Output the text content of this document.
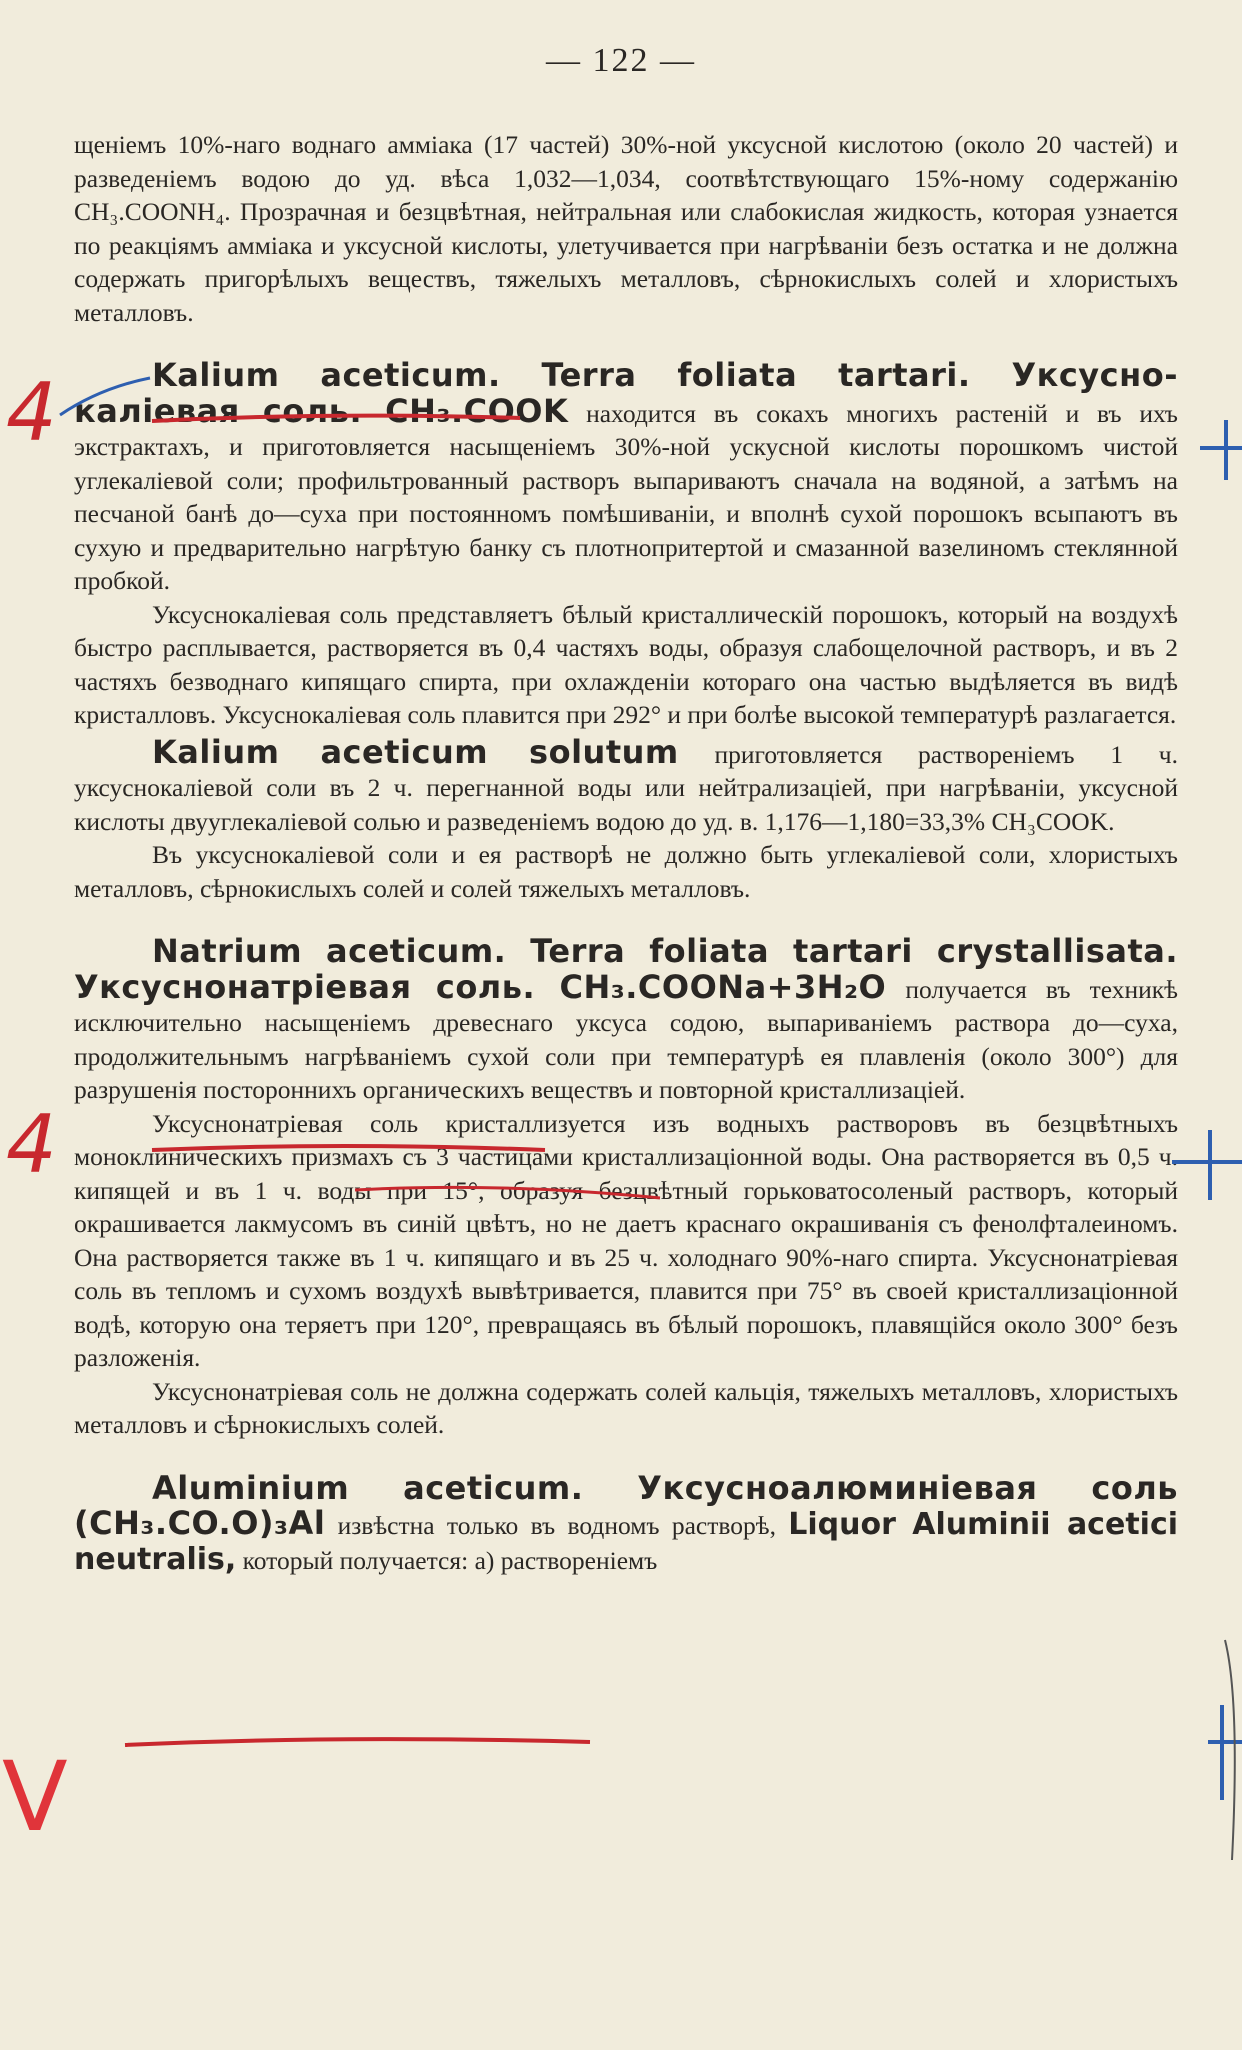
— 122 —

щеніемъ 10%-наго воднаго амміака (17 частей) 30%-ной уксусной кислотою (около 20 частей) и разведеніемъ водою до уд. вѣса 1,032—1,034, соотвѣтствующаго 15%-ному содержанію CH₃.COONH₄. Прозрачная и безцвѣтная, нейтральная или слабокислая жидкость, которая узнается по реакціямъ амміака и уксусной кислоты, улетучивается при нагрѣваніи безъ остатка и не должна содержать пригорѣлыхъ веществъ, тяжелыхъ металловъ, сѣрнокислыхъ солей и хлористыхъ металловъ.

Kalium aceticum. Terra foliata tartari. Уксусно-каліевая соль. CH₃.COOK находится въ сокахъ многихъ растеній и въ ихъ экстрактахъ, и приготовляется насыщеніемъ 30%-ной ускусной кислоты порошкомъ чистой углекаліевой соли; профильтрованный растворъ выпариваютъ сначала на водяной, а затѣмъ на песчаной банѣ до—суха при постоянномъ помѣшиваніи, и вполнѣ сухой порошокъ всыпаютъ въ сухую и предварительно нагрѣтую банку съ плотнопритертой и смазанной вазелиномъ стеклянной пробкой.

Уксуснокаліевая соль представляетъ бѣлый кристаллическій порошокъ, который на воздухѣ быстро расплывается, растворяется въ 0,4 частяхъ воды, образуя слабощелочной растворъ, и въ 2 частяхъ безводнаго кипящаго спирта, при охлажденіи котораго она частью выдѣляется въ видѣ кристалловъ. Уксуснокаліевая соль плавится при 292° и при болѣе высокой температурѣ разлагается.

Kalium aceticum solutum приготовляется раствореніемъ 1 ч. уксуснокаліевой соли въ 2 ч. перегнанной воды или нейтрализаціей, при нагрѣваніи, уксусной кислоты двууглекаліевой солью и разведеніемъ водою до уд. в. 1,176—1,180=33,3% CH₃COOK.

Въ уксуснокаліевой соли и ея растворѣ не должно быть углекаліевой соли, хлористыхъ металловъ, сѣрнокислыхъ солей и солей тяжелыхъ металловъ.

Natrium aceticum. Terra foliata tartari crystallisata. Уксуснонатріевая соль. CH₃.COONa+3H₂O получается въ техникѣ исключительно насыщеніемъ древеснаго уксуса содою, выпариваніемъ раствора до—суха, продолжительнымъ нагрѣваніемъ сухой соли при температурѣ ея плавленія (около 300°) для разрушенія постороннихъ органическихъ веществъ и повторной кристаллизаціей.

Уксуснонатріевая соль кристаллизуется изъ водныхъ растворовъ въ безцвѣтныхъ моноклиническихъ призмахъ съ 3 частицами кристаллизаціонной воды. Она растворяется въ 0,5 ч. кипящей и въ 1 ч. воды при 15°, образуя безцвѣтный горьковатосоленый растворъ, который окрашивается лакмусомъ въ синій цвѣтъ, но не даетъ краснаго окрашиванія съ фенолфталеиномъ. Она растворяется также въ 1 ч. кипящаго и въ 25 ч. холоднаго 90%-наго спирта. Уксуснонатріевая соль въ тепломъ и сухомъ воздухѣ вывѣтривается, плавится при 75° въ своей кристаллизаціонной водѣ, которую она теряетъ при 120°, превращаясь въ бѣлый порошокъ, плавящійся около 300° безъ разложенія.

Уксуснонатріевая соль не должна содержать солей кальція, тяжелыхъ металловъ, хлористыхъ металловъ и сѣрнокислыхъ солей.

Aluminium aceticum. Уксусноалюминіевая соль (CH₃.CO.O)₃Al извѣстна только въ водномъ растворѣ, Liquor Aluminii acetici neutralis, который получается: а) раствореніемъ

4
4
V
